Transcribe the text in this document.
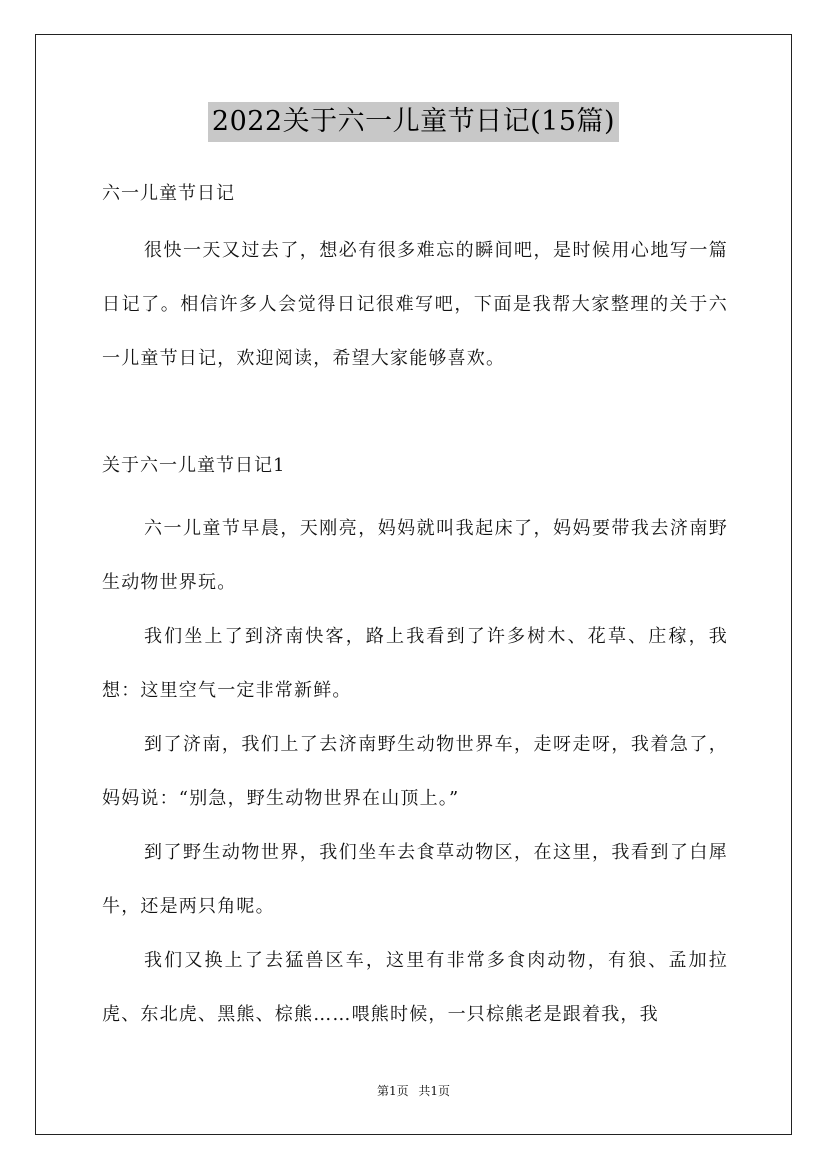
2022关于六一儿童节日记(15篇)

六一儿童节日记

很快一天又过去了，想必有很多难忘的瞬间吧，是时候用心地写一篇日记了。相信许多人会觉得日记很难写吧，下面是我帮大家整理的关于六一儿童节日记，欢迎阅读，希望大家能够喜欢。

关于六一儿童节日记1

六一儿童节早晨，天刚亮，妈妈就叫我起床了，妈妈要带我去济南野生动物世界玩。

我们坐上了到济南快客，路上我看到了许多树木、花草、庄稼，我想：这里空气一定非常新鲜。

到了济南，我们上了去济南野生动物世界车，走呀走呀，我着急了，妈妈说：“别急，野生动物世界在山顶上。”

到了野生动物世界，我们坐车去食草动物区，在这里，我看到了白犀牛，还是两只角呢。

我们又换上了去猛兽区车，这里有非常多食肉动物，有狼、孟加拉虎、东北虎、黑熊、棕熊……喂熊时候，一只棕熊老是跟着我，我

第1页 共1页
